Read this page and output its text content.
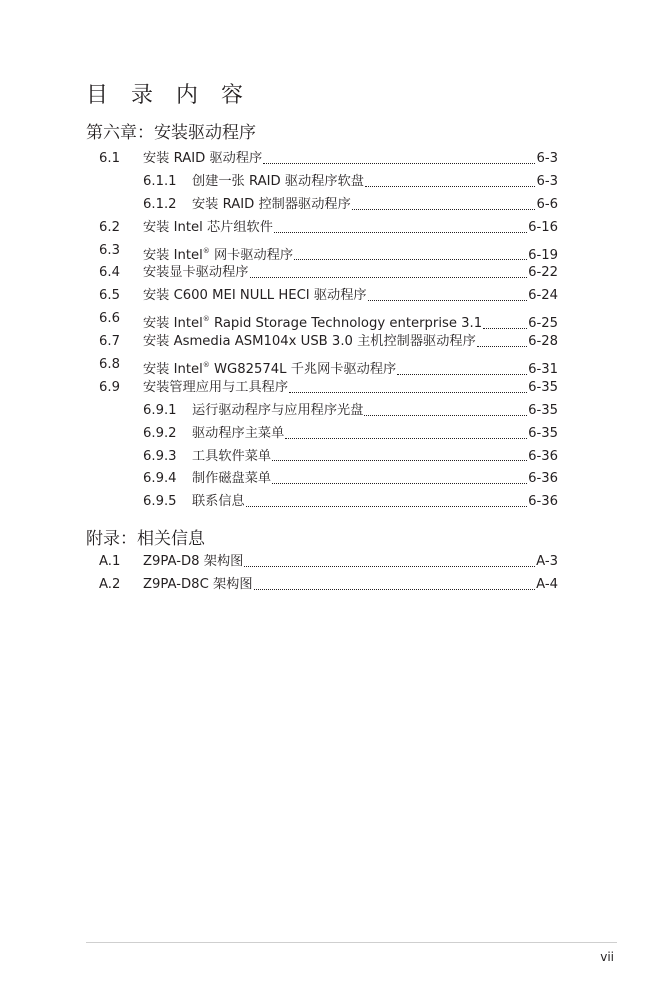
目 录 内 容
第六章：安装驱动程序
6.1 安装 RAID 驱动程序	6-3
6.1.1 创建一张 RAID 驱动程序软盘	6-3
6.1.2 安装 RAID 控制器驱动程序	6-6
6.2 安装 Intel 芯片组软件	6-16
6.3 安装 Intel® 网卡驱动程序	6-19
6.4 安装显卡驱动程序	6-22
6.5 安装 C600 MEI NULL HECI 驱动程序	6-24
6.6 安装 Intel® Rapid Storage Technology enterprise 3.1	6-25
6.7 安装 Asmedia ASM104x USB 3.0 主机控制器驱动程序	6-28
6.8 安装 Intel® WG82574L 千兆网卡驱动程序	6-31
6.9 安装管理应用与工具程序	6-35
6.9.1 运行驱动程序与应用程序光盘	6-35
6.9.2 驱动程序主菜单	6-35
6.9.3 工具软件菜单	6-36
6.9.4 制作磁盘菜单	6-36
6.9.5 联系信息	6-36
附录：相关信息
A.1 Z9PA-D8 架构图	A-3
A.2 Z9PA-D8C 架构图	A-4
vii
